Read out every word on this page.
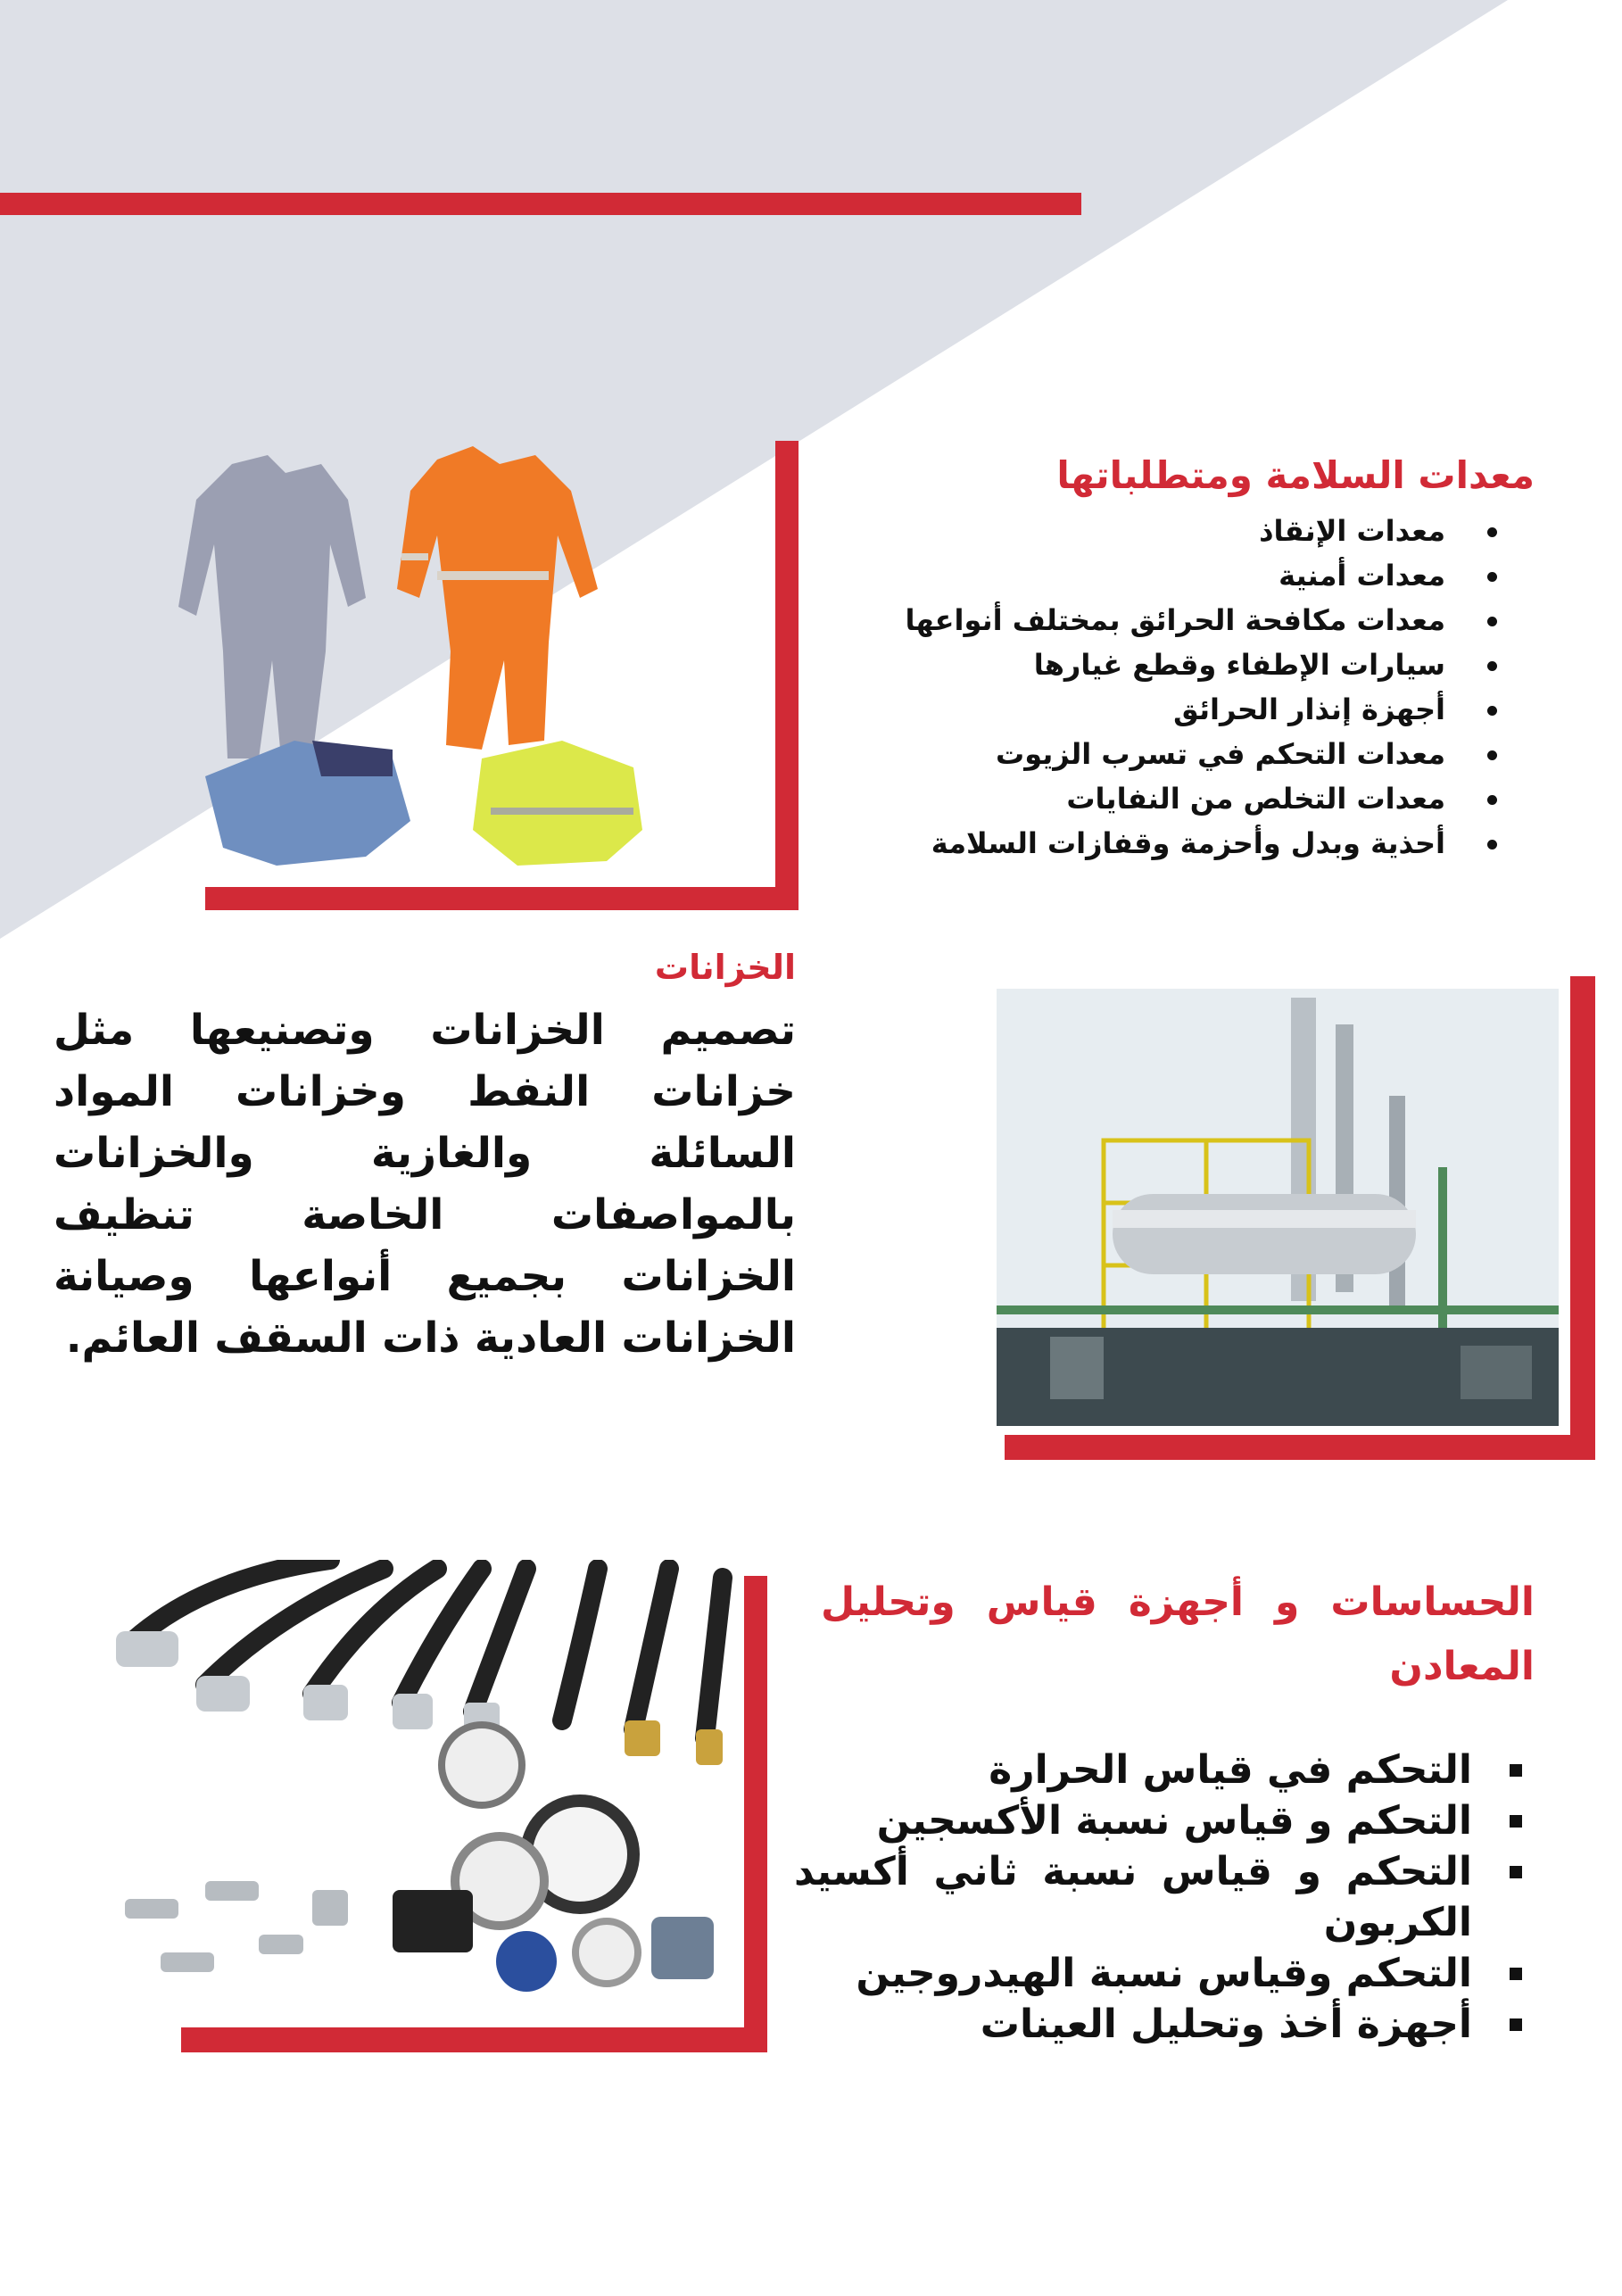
معدات السلامة ومتطلباتها
معدات الإنقاذ
معدات أمنية
معدات مكافحة الحرائق بمختلف أنواعها
سيارات الإطفاء وقطع غيارها
أجهزة إنذار الحرائق
معدات التحكم في تسرب الزيوت
معدات التخلص من النفايات
أحذية وبدل وأحزمة وقفازات السلامة
الخزانات
تصميم الخزانات وتصنيعها مثل خزانات النفط وخزانات المواد السائلة والغازية والخزانات بالمواصفات الخاصة تنظيف الخزانات بجميع أنواعها وصيانة الخزانات العادية ذات السقف العائم.
الحساسات و أجهزة قياس وتحليل المعادن
التحكم في قياس الحرارة
التحكم و قياس نسبة الأكسجين
التحكم و قياس نسبة ثاني أكسيد الكربون
التحكم وقياس نسبة الهيدروجين
أجهزة أخذ وتحليل العينات
